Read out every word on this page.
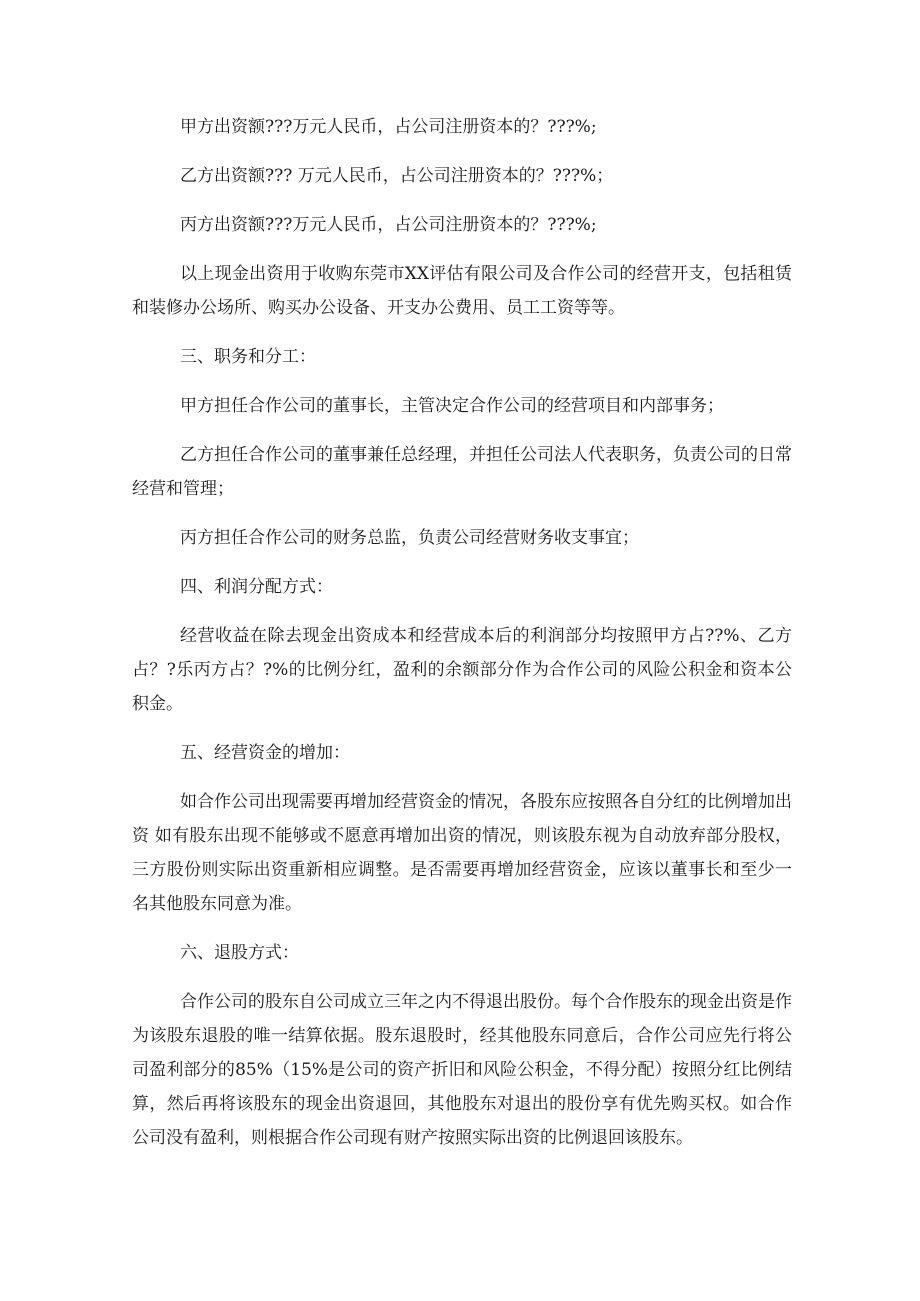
甲方出资额???万元人民币，占公司注册资本的？???%;

乙方出资额??? 万元人民币，占公司注册资本的？???%；

丙方出资额???万元人民币，占公司注册资本的？???%;

以上现金出资用于收购东莞市XX评估有限公司及合作公司的经营开支，包括租赁和装修办公场所、购买办公设备、开支办公费用、员工工资等等。

三、职务和分工：

甲方担任合作公司的董事长，主管决定合作公司的经营项目和内部事务；

乙方担任合作公司的董事兼任总经理，并担任公司法人代表职务，负责公司的日常经营和管理；

丙方担任合作公司的财务总监，负责公司经营财务收支事宜；

四、利润分配方式：

经营收益在除去现金出资成本和经营成本后的利润部分均按照甲方占??%、乙方占？?乐丙方占？?%的比例分红，盈利的余额部分作为合作公司的风险公积金和资本公积金。

五、经营资金的增加：

如合作公司出现需要再增加经营资金的情况，各股东应按照各自分红的比例增加出资 如有股东出现不能够或不愿意再增加出资的情况，则该股东视为自动放弃部分股权，三方股份则实际出资重新相应调整。是否需要再增加经营资金，应该以董事长和至少一名其他股东同意为准。

六、退股方式：

合作公司的股东自公司成立三年之内不得退出股份。每个合作股东的现金出资是作为该股东退股的唯一结算依据。股东退股时，经其他股东同意后，合作公司应先行将公司盈利部分的85%（15%是公司的资产折旧和风险公积金，不得分配）按照分红比例结算，然后再将该股东的现金出资退回，其他股东对退出的股份享有优先购买权。如合作公司没有盈利，则根据合作公司现有财产按照实际出资的比例退回该股东。
